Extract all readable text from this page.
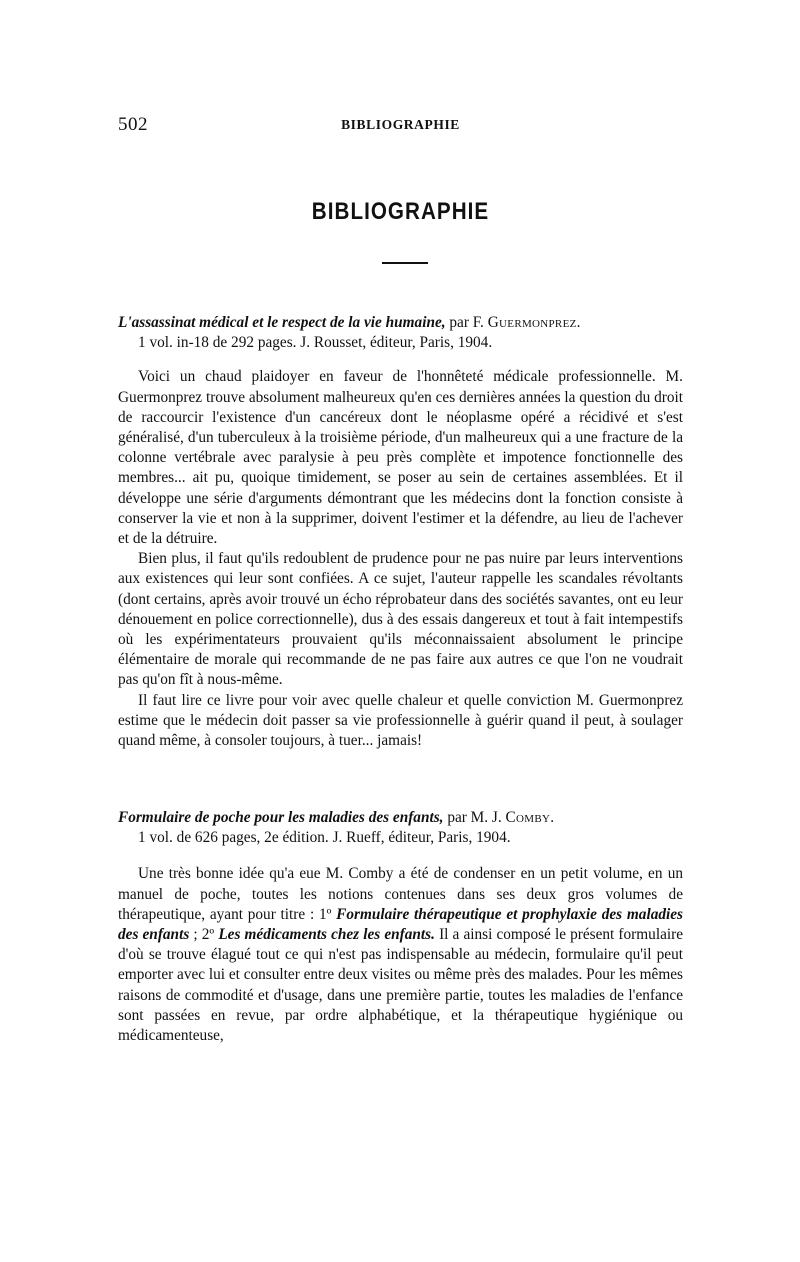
502	BIBLIOGRAPHIE
BIBLIOGRAPHIE
L'assassinat médical et le respect de la vie humaine, par F. Guermonprez.
1 vol. in-18 de 292 pages. J. Rousset, éditeur, Paris, 1904.

Voici un chaud plaidoyer en faveur de l'honnêteté médicale professionnelle. M. Guermonprez trouve absolument malheureux qu'en ces dernières années la question du droit de raccourcir l'existence d'un cancéreux dont le néoplasme opéré a récidivé et s'est généralisé, d'un tuberculeux à la troisième période, d'un malheureux qui a une fracture de la colonne vertébrale avec paralysie à peu près complète et impotence fonctionnelle des membres... ait pu, quoique timidement, se poser au sein de certaines assemblées. Et il développe une série d'arguments démontrant que les médecins dont la fonction consiste à conserver la vie et non à la supprimer, doivent l'estimer et la défendre, au lieu de l'achever et de la détruire.

Bien plus, il faut qu'ils redoublent de prudence pour ne pas nuire par leurs interventions aux existences qui leur sont confiées. A ce sujet, l'auteur rappelle les scandales révoltants (dont certains, après avoir trouvé un écho réprobateur dans des sociétés savantes, ont eu leur dénouement en police correctionnelle), dus à des essais dangereux et tout à fait intempestifs où les expérimentateurs prouvaient qu'ils méconnaissaient absolument le principe élémentaire de morale qui recommande de ne pas faire aux autres ce que l'on ne voudrait pas qu'on fît à nous-même.

Il faut lire ce livre pour voir avec quelle chaleur et quelle conviction M. Guermonprez estime que le médecin doit passer sa vie professionnelle à guérir quand il peut, à soulager quand même, à consoler toujours, à tuer... jamais!

Formulaire de poche pour les maladies des enfants, par M. J. Comby.
1 vol. de 626 pages, 2e édition. J. Rueff, éditeur, Paris, 1904.

Une très bonne idée qu'a eue M. Comby a été de condenser en un petit volume, en un manuel de poche, toutes les notions contenues dans ses deux gros volumes de thérapeutique, ayant pour titre : 1º Formulaire thérapeutique et prophylaxie des maladies des enfants ; 2º Les médicaments chez les enfants. Il a ainsi composé le présent formulaire d'où se trouve élagué tout ce qui n'est pas indispensable au médecin, formulaire qu'il peut emporter avec lui et consulter entre deux visites ou même près des malades. Pour les mêmes raisons de commodité et d'usage, dans une première partie, toutes les maladies de l'enfance sont passées en revue, par ordre alphabétique, et la thérapeutique hygiénique ou médicamenteuse,
